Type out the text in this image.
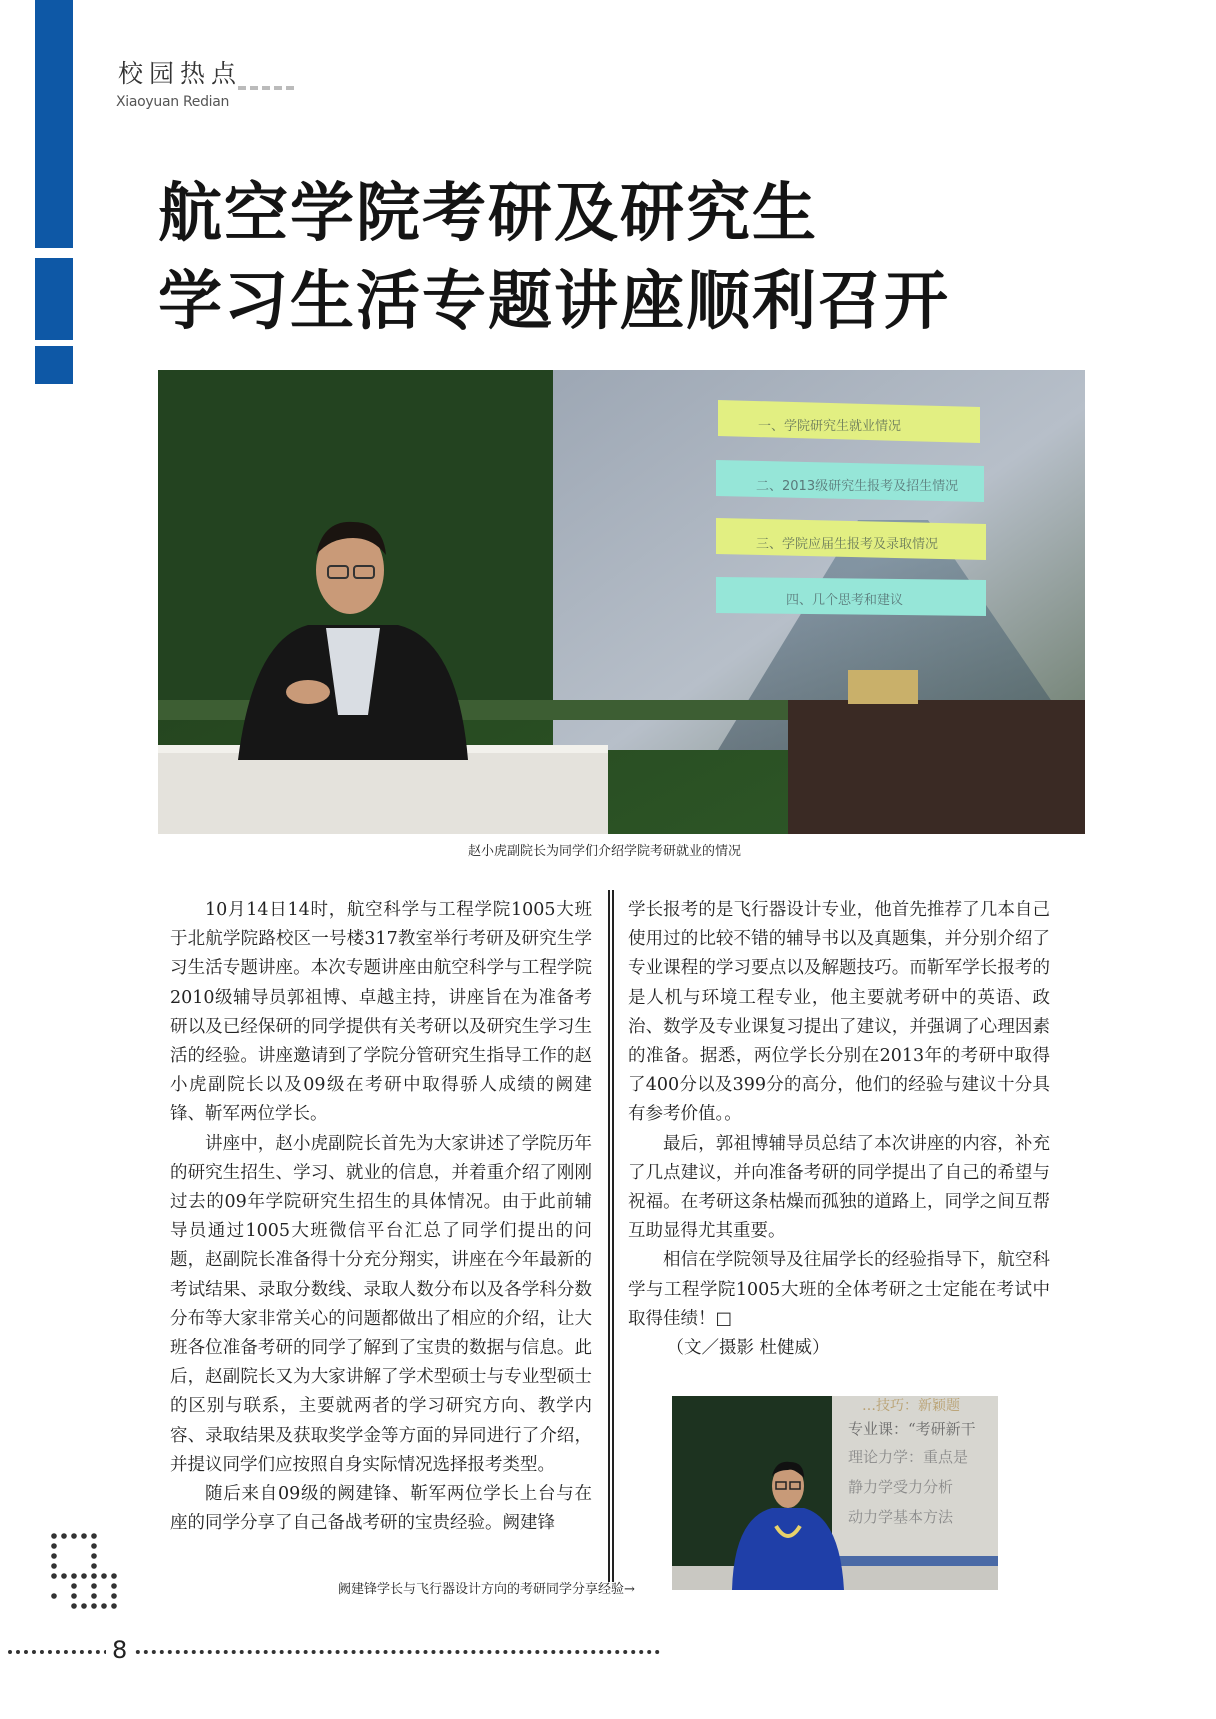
校园热点
Xiaoyuan Redian
航空学院考研及研究生
学习生活专题讲座顺利召开
一、学院研究生就业情况
二、2013级研究生报考及招生情况
三、学院应届生报考及录取情况
四、几个思考和建议
赵小虎副院长为同学们介绍学院考研就业的情况

10月14日14时，航空科学与工程学院1005大班于北航学院路校区一号楼317教室举行考研及研究生学习生活专题讲座。本次专题讲座由航空科学与工程学院2010级辅导员郭祖博、卓越主持，讲座旨在为准备考研以及已经保研的同学提供有关考研以及研究生学习生活的经验。讲座邀请到了学院分管研究生指导工作的赵小虎副院长以及09级在考研中取得骄人成绩的阙建锋、靳军两位学长。

讲座中，赵小虎副院长首先为大家讲述了学院历年的研究生招生、学习、就业的信息，并着重介绍了刚刚过去的09年学院研究生招生的具体情况。由于此前辅导员通过1005大班微信平台汇总了同学们提出的问题，赵副院长准备得十分充分翔实，讲座在今年最新的考试结果、录取分数线、录取人数分布以及各学科分数分布等大家非常关心的问题都做出了相应的介绍，让大班各位准备考研的同学了解到了宝贵的数据与信息。此后，赵副院长又为大家讲解了学术型硕士与专业型硕士的区别与联系，主要就两者的学习研究方向、教学内容、录取结果及获取奖学金等方面的异同进行了介绍，并提议同学们应按照自身实际情况选择报考类型。

随后来自09级的阙建锋、靳军两位学长上台与在座的同学分享了自己备战考研的宝贵经验。阙建锋

学长报考的是飞行器设计专业，他首先推荐了几本自己使用过的比较不错的辅导书以及真题集，并分别介绍了专业课程的学习要点以及解题技巧。而靳军学长报考的是人机与环境工程专业，他主要就考研中的英语、政治、数学及专业课复习提出了建议，并强调了心理因素的准备。据悉，两位学长分别在2013年的考研中取得了400分以及399分的高分，他们的经验与建议十分具有参考价值。。

最后，郭祖博辅导员总结了本次讲座的内容，补充了几点建议，并向准备考研的同学提出了自己的希望与祝福。在考研这条枯燥而孤独的道路上，同学之间互帮互助显得尤其重要。

相信在学院领导及往届学长的经验指导下，航空科学与工程学院1005大班的全体考研之士定能在考试中取得佳绩！□

（文／摄影 杜健威）

…技巧：新颖题
专业课：“考研新干
理论力学：重点是
静力学受力分析
动力学基本方法
阙建锋学长与飞行器设计方向的考研同学分享经验→
8
